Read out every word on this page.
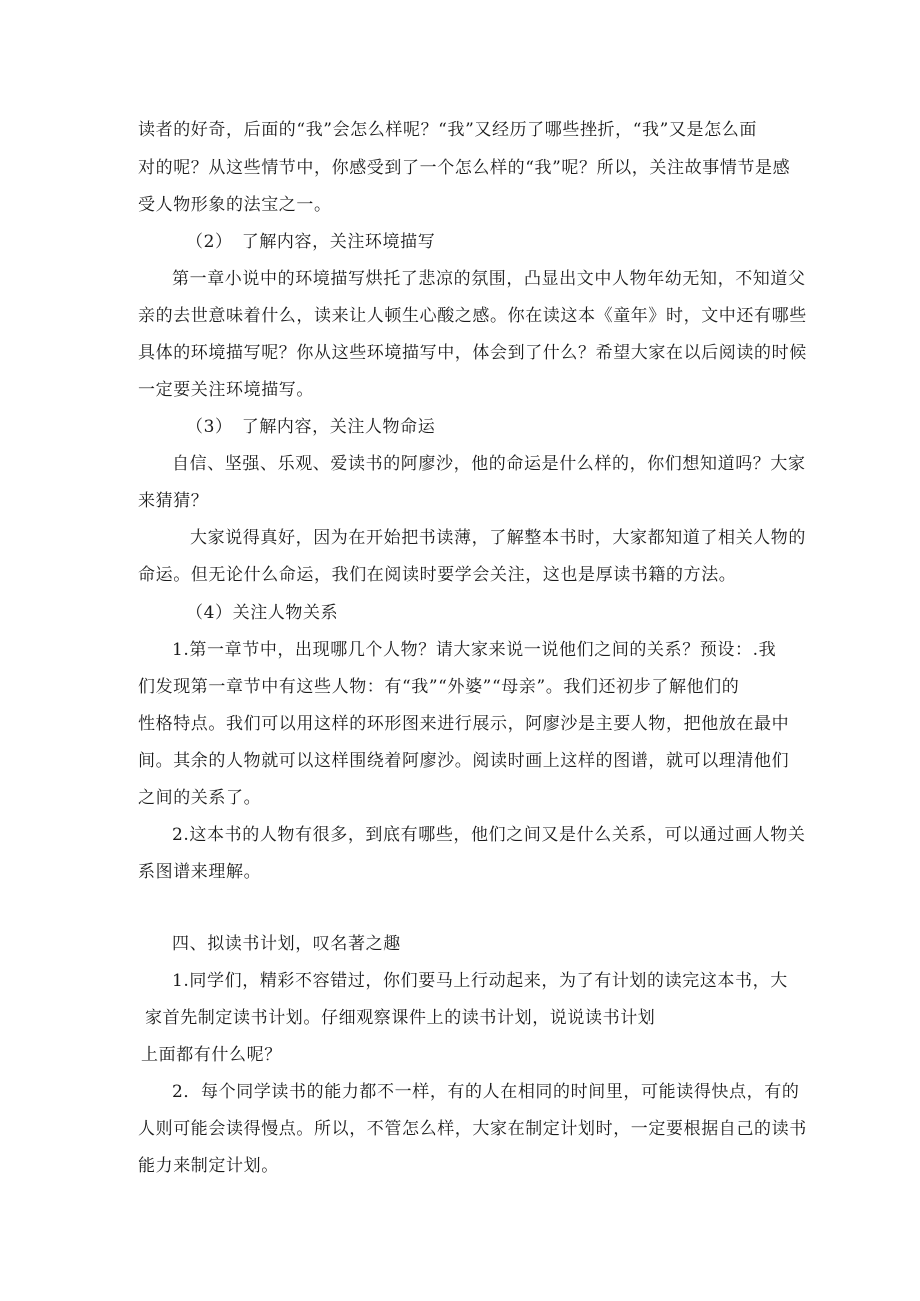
读者的好奇，后面的“我”会怎么样呢？“我”又经历了哪些挫折，“我”又是怎么面

对的呢？从这些情节中，你感受到了一个怎么样的“我”呢？所以，关注故事情节是感

受人物形象的法宝之一。

（2）　了解内容，关注环境描写

第一章小说中的环境描写烘托了悲凉的氛围，凸显出文中人物年幼无知，不知道父

亲的去世意味着什么，读来让人顿生心酸之感。你在读这本《童年》时，文中还有哪些

具体的环境描写呢？你从这些环境描写中，体会到了什么？希望大家在以后阅读的时候

一定要关注环境描写。

（3）　了解内容，关注人物命运

自信、坚强、乐观、爱读书的阿廖沙，他的命运是什么样的，你们想知道吗？大家

来猜猜？

大家说得真好，因为在开始把书读薄，了解整本书时，大家都知道了相关人物的

命运。但无论什么命运，我们在阅读时要学会关注，这也是厚读书籍的方法。

（4）关注人物关系

1.第一章节中，出现哪几个人物？请大家来说一说他们之间的关系？预设：.我

们发现第一章节中有这些人物：有“我”“外婆”“母亲”。我们还初步了解他们的

性格特点。我们可以用这样的环形图来进行展示，阿廖沙是主要人物，把他放在最中

间。其余的人物就可以这样围绕着阿廖沙。阅读时画上这样的图谱，就可以理清他们

之间的关系了。

2.这本书的人物有很多，到底有哪些，他们之间又是什么关系，可以通过画人物关

系图谱来理解。

四、拟读书计划，叹名著之趣

1.同学们，精彩不容错过，你们要马上行动起来，为了有计划的读完这本书，大

家首先制定读书计划。仔细观察课件上的读书计划，说说读书计划

上面都有什么呢？

2．每个同学读书的能力都不一样，有的人在相同的时间里，可能读得快点，有的

人则可能会读得慢点。所以，不管怎么样，大家在制定计划时，一定要根据自己的读书

能力来制定计划。
